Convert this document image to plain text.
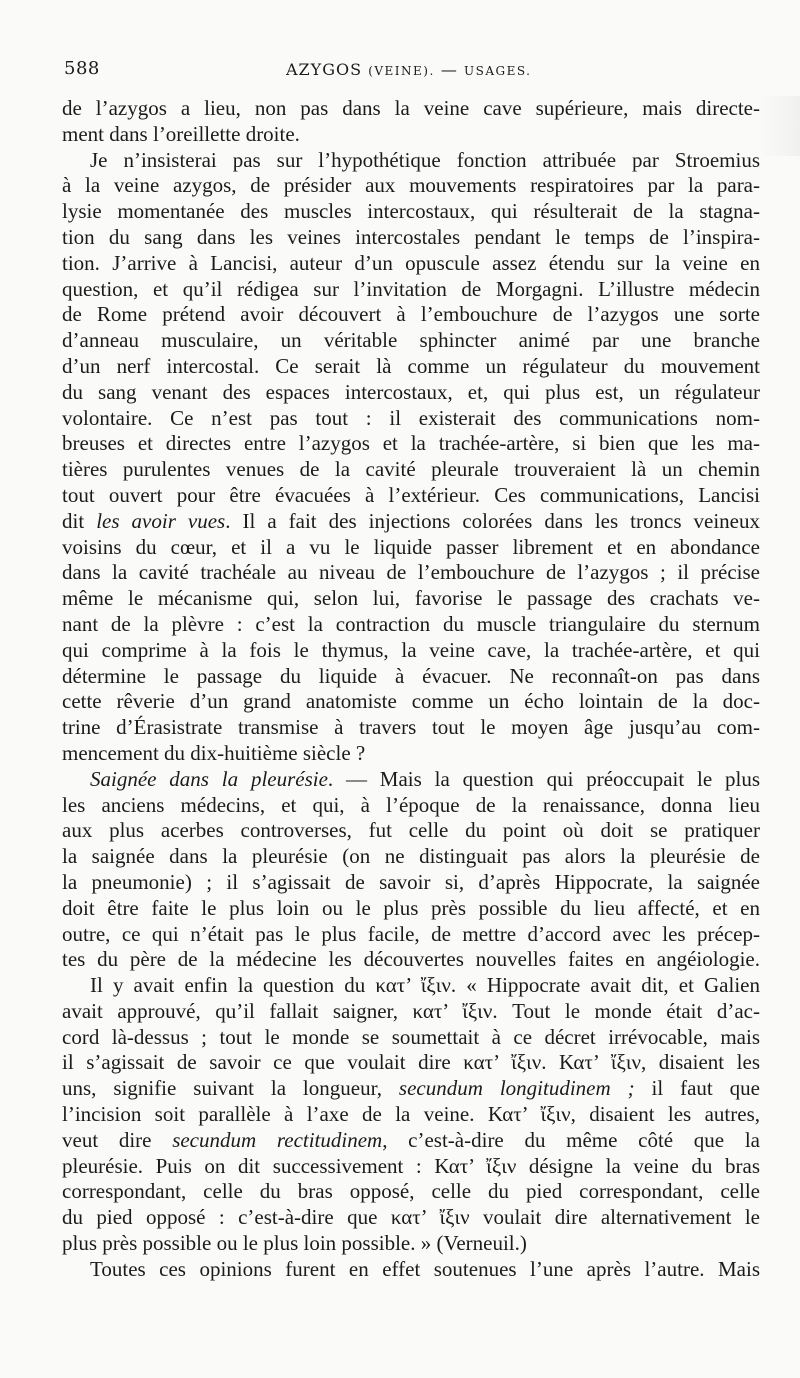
588	AZYGOS (VEINE). — USAGES.
de l’azygos a lieu, non pas dans la veine cave supérieure, mais directe-
ment dans l’oreillette droite.
Je n’insisterai pas sur l’hypothétique fonction attribuée par Stroemius
à la veine azygos, de présider aux mouvements respiratoires par la para-
lysie momentanée des muscles intercostaux, qui résulterait de la stagna-
tion du sang dans les veines intercostales pendant le temps de l’inspira-
tion. J’arrive à Lancisi, auteur d’un opuscule assez étendu sur la veine en
question, et qu’il rédigea sur l’invitation de Morgagni. L’illustre médecin
de Rome prétend avoir découvert à l’embouchure de l’azygos une sorte
d’anneau musculaire, un véritable sphincter animé par une branche
d’un nerf intercostal. Ce serait là comme un régulateur du mouvement
du sang venant des espaces intercostaux, et, qui plus est, un régulateur
volontaire. Ce n’est pas tout : il existerait des communications nom-
breuses et directes entre l’azygos et la trachée-artère, si bien que les ma-
tières purulentes venues de la cavité pleurale trouveraient là un chemin
tout ouvert pour être évacuées à l’extérieur. Ces communications, Lancisi
dit les avoir vues. Il a fait des injections colorées dans les troncs veineux
voisins du cœur, et il a vu le liquide passer librement et en abondance
dans la cavité trachéale au niveau de l’embouchure de l’azygos ; il précise
même le mécanisme qui, selon lui, favorise le passage des crachats ve-
nant de la plèvre : c’est la contraction du muscle triangulaire du sternum
qui comprime à la fois le thymus, la veine cave, la trachée-artère, et qui
détermine le passage du liquide à évacuer. Ne reconnaît-on pas dans
cette rêverie d’un grand anatomiste comme un écho lointain de la doc-
trine d’Érasistrate transmise à travers tout le moyen âge jusqu’au com-
mencement du dix-huitième siècle ?
Saignée dans la pleurésie. — Mais la question qui préoccupait le plus
les anciens médecins, et qui, à l’époque de la renaissance, donna lieu
aux plus acerbes controverses, fut celle du point où doit se pratiquer
la saignée dans la pleurésie (on ne distinguait pas alors la pleurésie de
la pneumonie) ; il s’agissait de savoir si, d’après Hippocrate, la saignée
doit être faite le plus loin ou le plus près possible du lieu affecté, et en
outre, ce qui n’était pas le plus facile, de mettre d’accord avec les précep-
tes du père de la médecine les découvertes nouvelles faites en angéiologie.
Il y avait enfin la question du κατ’ ἴξιν. « Hippocrate avait dit, et Galien
avait approuvé, qu’il fallait saigner, κατ’ ἴξιν. Tout le monde était d’ac-
cord là-dessus ; tout le monde se soumettait à ce décret irrévocable, mais
il s’agissait de savoir ce que voulait dire κατ’ ἴξιν. Κατ’ ἴξιν, disaient les
uns, signifie suivant la longueur, secundum longitudinem ; il faut que
l’incision soit parallèle à l’axe de la veine. Κατ’ ἴξιν, disaient les autres,
veut dire secundum rectitudinem, c’est-à-dire du même côté que la
pleurésie. Puis on dit successivement : Κατ’ ἴξιν désigne la veine du bras
correspondant, celle du bras opposé, celle du pied correspondant, celle
du pied opposé : c’est-à-dire que κατ’ ἴξιν voulait dire alternativement le
plus près possible ou le plus loin possible. » (Verneuil.)
Toutes ces opinions furent en effet soutenues l’une après l’autre. Mais
